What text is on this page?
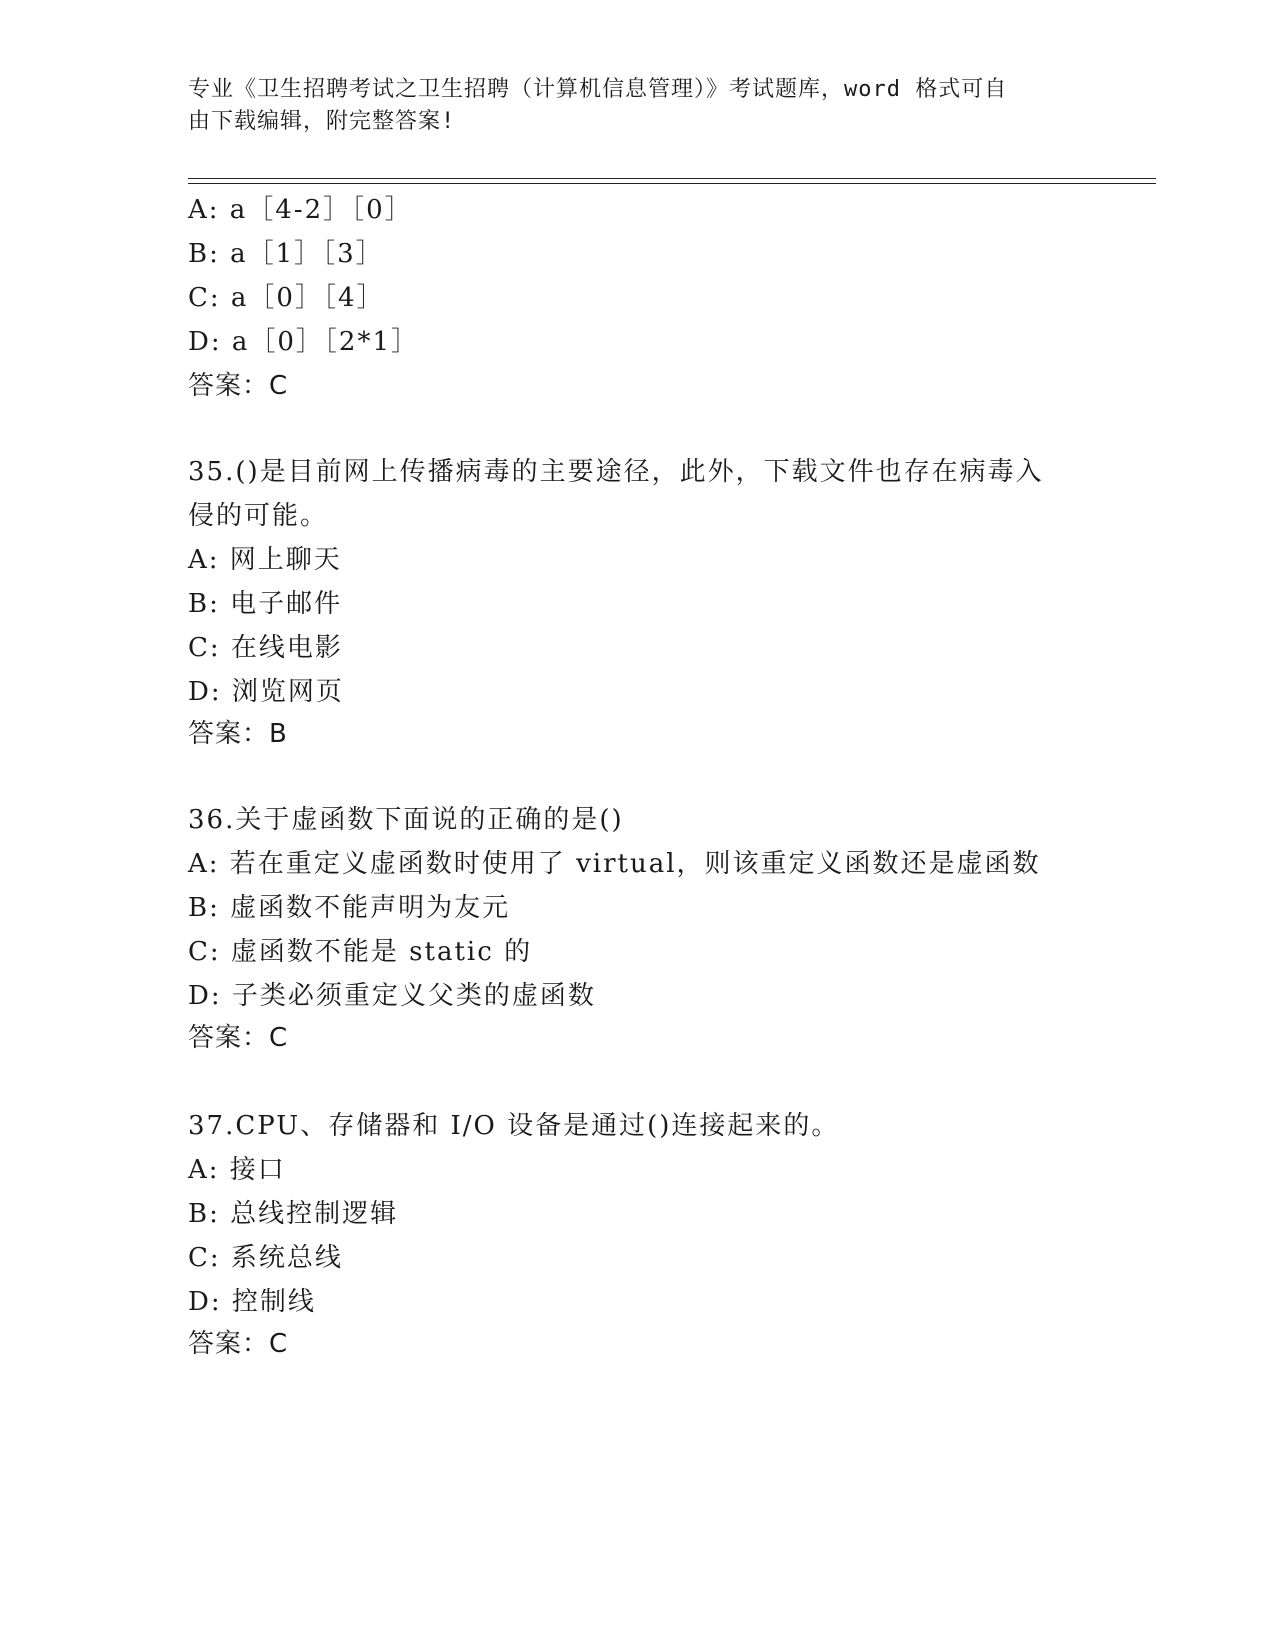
专业《卫生招聘考试之卫生招聘（计算机信息管理）》考试题库，word 格式可自
由下载编辑，附完整答案!
A: a［4-2］［0］
B: a［1］［3］
C: a［0］［4］
D: a［0］［2*1］
答案：C
35.()是目前网上传播病毒的主要途径，此外，下载文件也存在病毒入
侵的可能。
A: 网上聊天
B: 电子邮件
C: 在线电影
D: 浏览网页
答案：B
36.关于虚函数下面说的正确的是()
A: 若在重定义虚函数时使用了 virtual，则该重定义函数还是虚函数
B: 虚函数不能声明为友元
C: 虚函数不能是 static 的
D: 子类必须重定义父类的虚函数
答案：C
37.CPU、存储器和 I/O 设备是通过()连接起来的。
A: 接口
B: 总线控制逻辑
C: 系统总线
D: 控制线
答案：C
